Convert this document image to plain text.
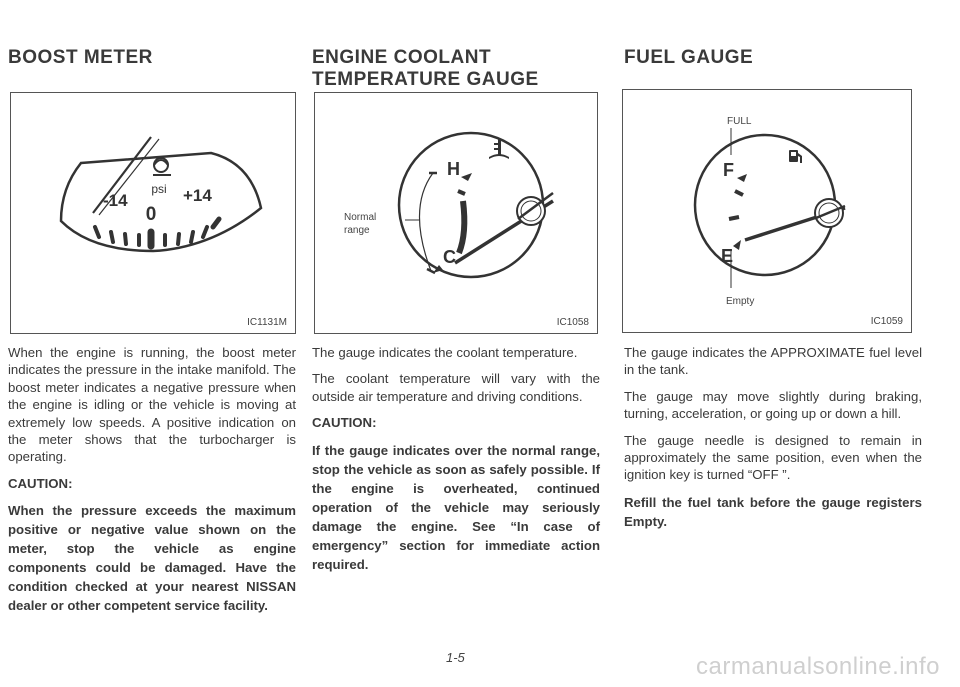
BOOST METER
psi
-14
0
+14
IC1131M

When the engine is running, the boost meter indicates the pressure in the intake manifold. The boost meter indicates a negative pressure when the engine is idling or the vehicle is moving at extremely low speeds. A positive indication on the meter shows that the turbocharger is operating.

CAUTION:

When the pressure exceeds the maximum positive or negative value shown on the meter, stop the vehicle as engine components could be damaged. Have the condition checked at your nearest NISSAN dealer or other competent service facility.

ENGINE COOLANT
TEMPERATURE GAUGE
H
C
Normal
range
IC1058

The gauge indicates the coolant temperature.

The coolant temperature will vary with the outside air temperature and driving conditions.

CAUTION:

If the gauge indicates over the normal range, stop the vehicle as soon as safely possible. If the engine is overheated, continued operation of the vehicle may seriously damage the engine. See “In case of emergency” section for immediate action required.

FUEL GAUGE
FULL
F
E
Empty
IC1059

The gauge indicates the APPROXIMATE fuel level in the tank.

The gauge may move slightly during braking, turning, acceleration, or going up or down a hill.

The gauge needle is designed to remain in approximately the same position, even when the ignition key is turned “OFF ”.

Refill the fuel tank before the gauge registers Empty.

1-5	carmanualsonline.info
